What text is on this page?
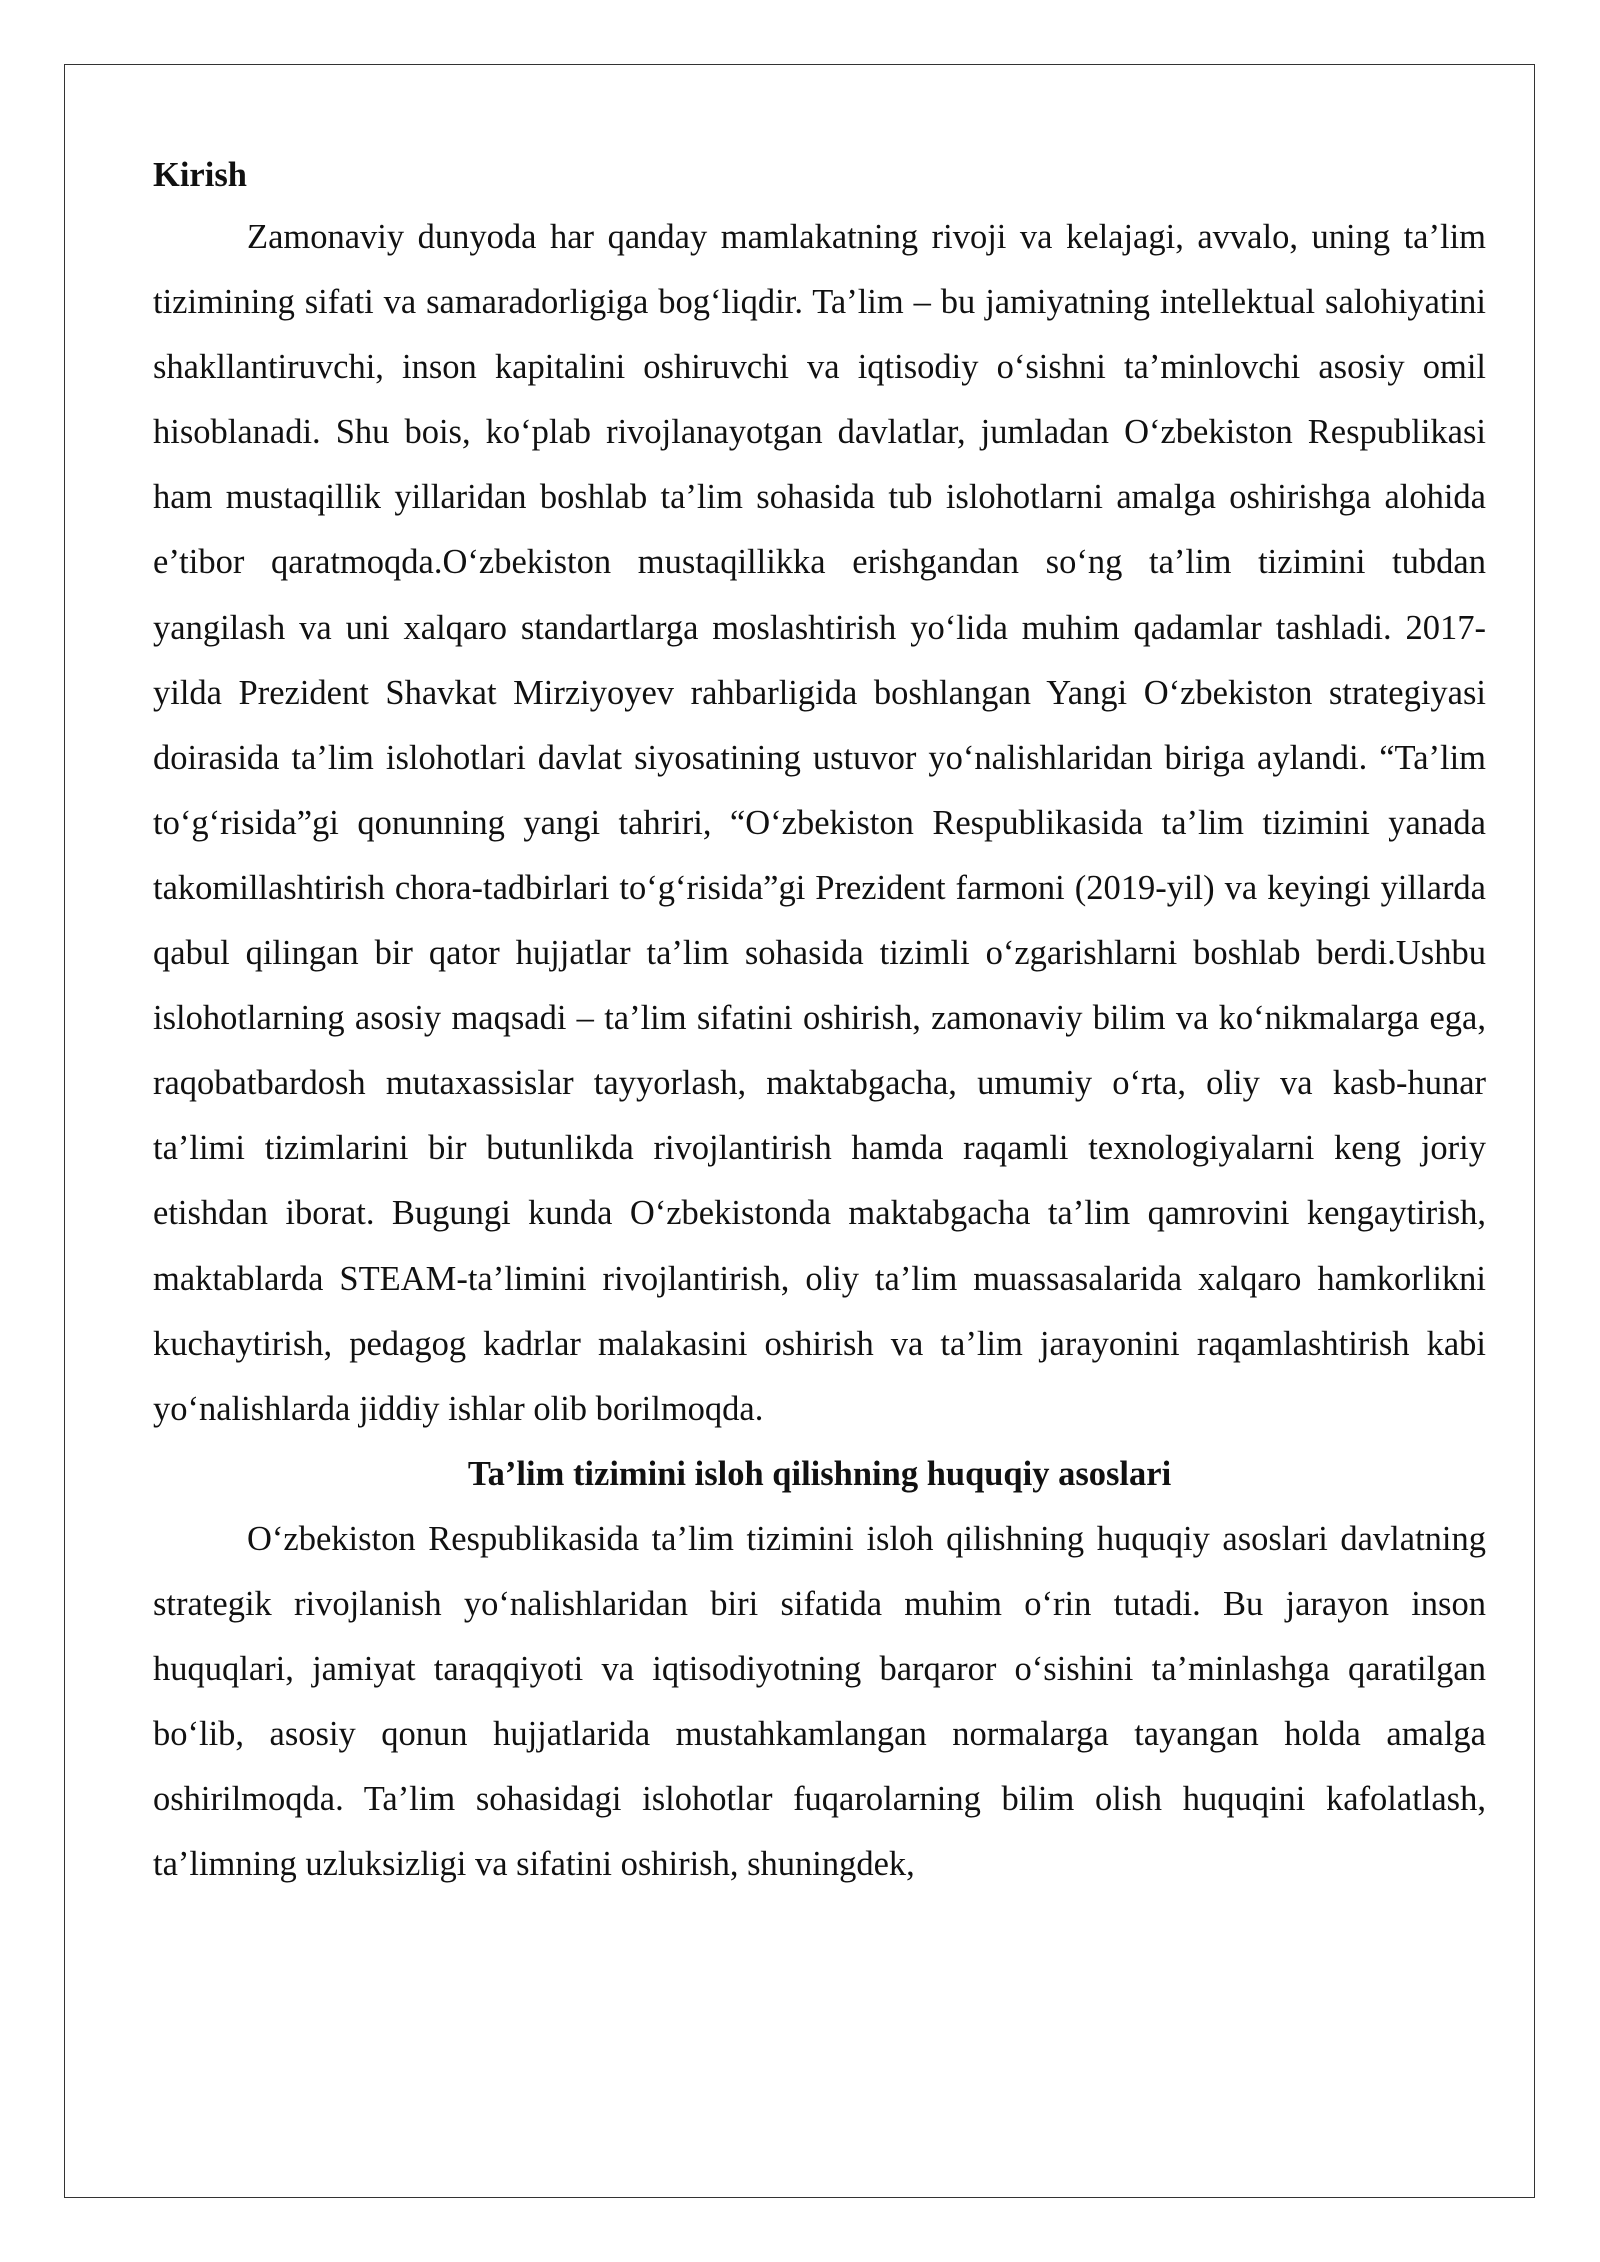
Kirish

Zamonaviy dunyoda har qanday mamlakatning rivoji va kelajagi, avvalo, uning ta’lim tizimining sifati va samaradorligiga bog‘liqdir. Ta’lim – bu jamiyatning intellektual salohiyatini shakllantiruvchi, inson kapitalini oshiruvchi va iqtisodiy o‘sishni ta’minlovchi asosiy omil hisoblanadi. Shu bois, ko‘plab rivojlanayotgan davlatlar, jumladan O‘zbekiston Respublikasi ham mustaqillik yillaridan boshlab ta’lim sohasida tub islohotlarni amalga oshirishga alohida e’tibor qaratmoqda.O‘zbekiston mustaqillikka erishgandan so‘ng ta’lim tizimini tubdan yangilash va uni xalqaro standartlarga moslashtirish yo‘lida muhim qadamlar tashladi. 2017-yilda Prezident Shavkat Mirziyoyev rahbarligida boshlangan Yangi O‘zbekiston strategiyasi doirasida ta’lim islohotlari davlat siyosatining ustuvor yo‘nalishlaridan biriga aylandi. “Ta’lim to‘g‘risida”gi qonunning yangi tahriri, “O‘zbekiston Respublikasida ta’lim tizimini yanada takomillashtirish chora-tadbirlari to‘g‘risida”gi Prezident farmoni (2019-yil) va keyingi yillarda qabul qilingan bir qator hujjatlar ta’lim sohasida tizimli o‘zgarishlarni boshlab berdi.Ushbu islohotlarning asosiy maqsadi – ta’lim sifatini oshirish, zamonaviy bilim va ko‘nikmalarga ega, raqobatbardosh mutaxassislar tayyorlash, maktabgacha, umumiy o‘rta, oliy va kasb-hunar ta’limi tizimlarini bir butunlikda rivojlantirish hamda raqamli texnologiyalarni keng joriy etishdan iborat. Bugungi kunda O‘zbekistonda maktabgacha ta’lim qamrovini kengaytirish, maktablarda STEAM-ta’limini rivojlantirish, oliy ta’lim muassasalarida xalqaro hamkorlikni kuchaytirish, pedagog kadrlar malakasini oshirish va ta’lim jarayonini raqamlashtirish kabi yo‘nalishlarda jiddiy ishlar olib borilmoqda.

Ta’lim tizimini isloh qilishning huquqiy asoslari

O‘zbekiston Respublikasida ta’lim tizimini isloh qilishning huquqiy asoslari davlatning strategik rivojlanish yo‘nalishlaridan biri sifatida muhim o‘rin tutadi. Bu jarayon inson huquqlari, jamiyat taraqqiyoti va iqtisodiyotning barqaror o‘sishini ta’minlashga qaratilgan bo‘lib, asosiy qonun hujjatlarida mustahkamlangan normalarga tayangan holda amalga oshirilmoqda. Ta’lim sohasidagi islohotlar fuqarolarning bilim olish huquqini kafolatlash, ta’limning uzluksizligi va sifatini oshirish, shuningdek,
